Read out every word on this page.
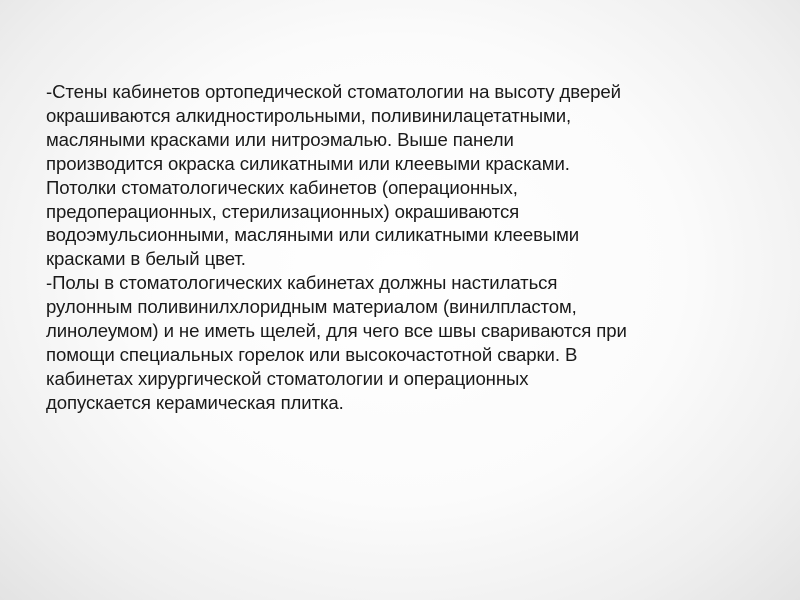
-Стены кабинетов ортопедической стоматологии на высоту дверей
окрашиваются алкидностирольными, поливинилацетатными,
масляными красками или нитроэмалью. Выше панели
производится окраска силикатными или клеевыми красками.
Потолки стоматологических кабинетов (операционных,
предоперационных, стерилизационных) окрашиваются
водоэмульсионными, масляными или силикатными клеевыми
красками в белый цвет.
-Полы в стоматологических кабинетах должны настилаться
рулонным поливинилхлоридным материалом (винилпластом,
линолеумом) и не иметь щелей, для чего все швы свариваются при
помощи специальных горелок или высокочастотной сварки. В
кабинетах хирургической стоматологии и операционных
допускается керамическая плитка.
